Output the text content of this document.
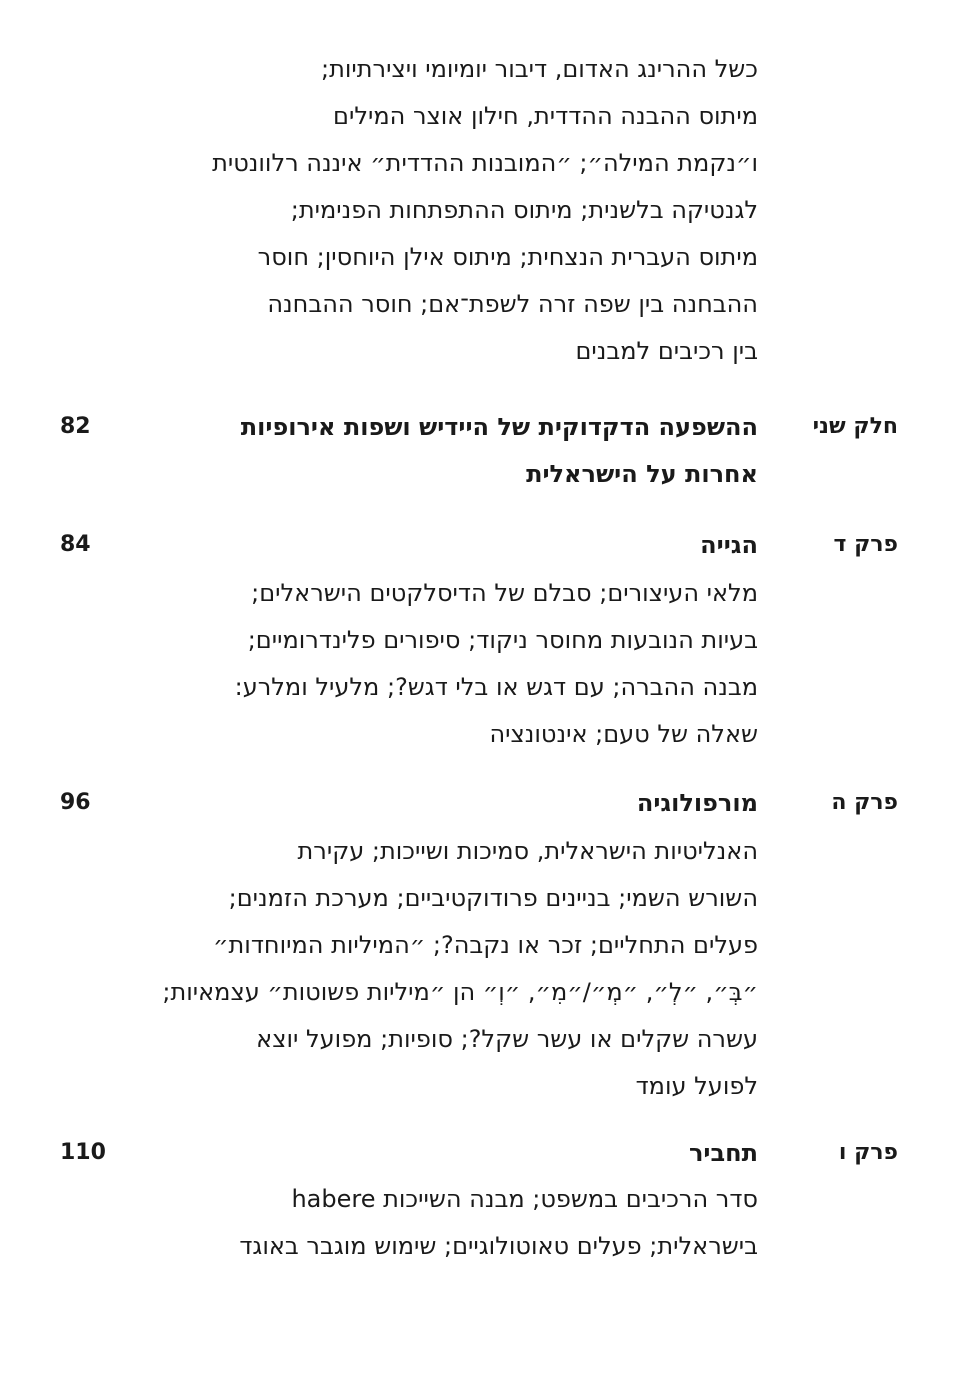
כשל ההרינג האדום, דיבור יומיומי ויצירתיות;
מיתוס ההבנה ההדדית, חילון אוצר המילים
ו״נקמת המילה״; ״המובנות ההדדית״ איננה רלוונטית
לגנטיקה בלשנית; מיתוס ההתפתחות הפנימית;
מיתוס העברית הנצחית; מיתוס אילן היוחסין; חוסר
ההבחנה בין שפה זרה לשפת־אם; חוסר ההבחנה
בין רכיבים למבנים
חלק שני
ההשפעה הדקדוקית של היידיש ושפות אירופיות
אחרות על הישראלית
82
פרק ד
הגייה
84
מלאי העיצורים; סבלם של הדיסלקטים הישראלים;
בעיות הנובעות מחוסר ניקוד; סיפורים פלינדרומיים;
מבנה ההברה; עם דגש או בלי דגש?; מלעיל ומלרע:
שאלה של טעם; אינטונציה
פרק ה
מורפולוגיה
96
האנליטיות הישראלית, סמיכות ושייכות; עקירת
השורש השמי; בניינים פרודוקטיביים; מערכת הזמנים;
פעלים התחליים; זכר או נקבה?; ״המיליות המיוחדות״
״בְּ״, ״לְ״, ״מְ״/״מִ״, ״וְ״ הן ״מיליות פשוטות״ עצמאיות;
עשרה שקלים או עשר שקל?; סופיות; מפועל יוצא
לפועל עומד
פרק ו
תחביר
110
סדר הרכיבים במשפט; מבנה השייכות habere
בישראלית; פעלים טאוטולוגיים; שימוש מוגבר באוגד
